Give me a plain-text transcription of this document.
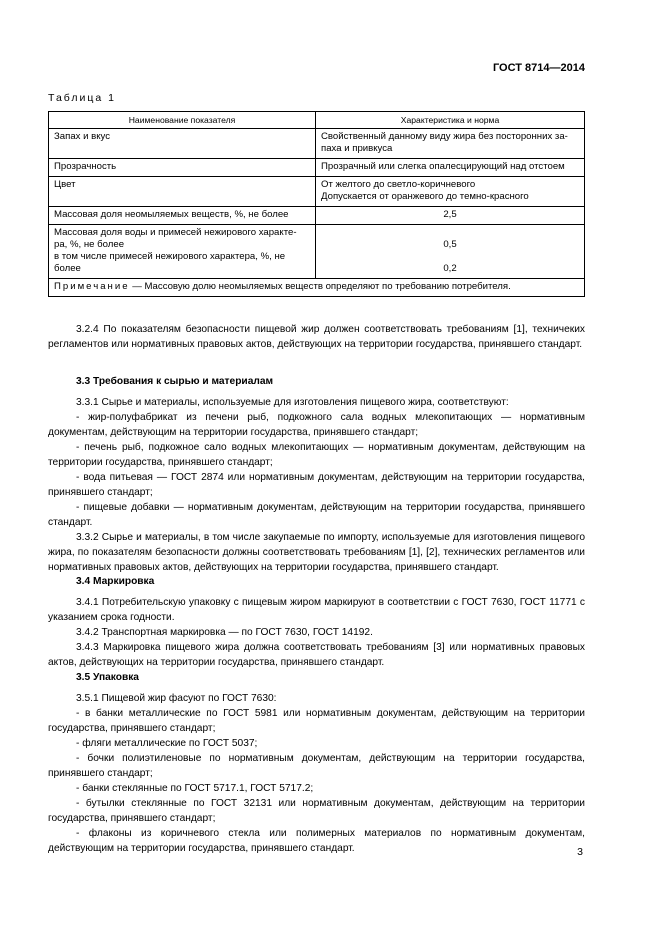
ГОСТ 8714—2014
Таблица 1
Наименование показателя	Характеристика и норма
Запах и вкус	Свойственный данному виду жира без посторонних за-
паха и привкуса
Прозрачность	Прозрачный или слегка опалесцирующий над отстоем
Цвет	От желтого до светло-коричневого
Допускается от оранжевого до темно-красного
Массовая доля неомыляемых веществ, %, не более	2,5
Массовая доля воды и примесей нежирового характе-
ра, %, не более
в том числе примесей нежирового характера, %, не
более	0,5

0,2
Примечание — Массовую долю неомыляемых веществ определяют по требованию потребителя.	

3.2.4 По показателям безопасности пищевой жир должен соответствовать требованиям [1], техничеких регламентов или нормативных правовых актов, действующих на территории государства, принявшего стандарт.

3.3 Требования к сырью и материалам

3.3.1 Сырье и материалы, используемые для изготовления пищевого жира, соответствуют:

- жир-полуфабрикат из печени рыб, подкожного сала водных млекопитающих — нормативным документам, действующим на территории государства, принявшего стандарт;

- печень рыб, подкожное сало водных млекопитающих — нормативным документам, действующим на территории государства, принявшего стандарт;

- вода питьевая — ГОСТ 2874 или нормативным документам, действующим на территории государства, принявшего стандарт;

- пищевые добавки — нормативным документам, действующим на территории государства, принявшего стандарт.

3.3.2 Сырье и материалы, в том числе закупаемые по импорту, используемые для изготовления пищевого жира, по показателям безопасности должны соответствовать требованиям [1], [2], технических регламентов или нормативных правовых актов, действующих на территории государства, принявшего стандарт.

3.4 Маркировка

3.4.1 Потребительскую упаковку с пищевым жиром маркируют в соответствии с ГОСТ 7630, ГОСТ 11771 с указанием срока годности.

3.4.2 Транспортная маркировка — по ГОСТ 7630, ГОСТ 14192.

3.4.3 Маркировка пищевого жира должна соответствовать требованиям [3] или нормативных правовых актов, действующих на территории государства, принявшего стандарт.

3.5 Упаковка

3.5.1 Пищевой жир фасуют по ГОСТ 7630:

- в банки металлические по ГОСТ 5981 или нормативным документам, действующим на территории государства, принявшего стандарт;

- фляги металлические по ГОСТ 5037;

- бочки полиэтиленовые по нормативным документам, действующим на территории государства, принявшего стандарт;

- банки стеклянные по ГОСТ 5717.1, ГОСТ 5717.2;

- бутылки стеклянные по ГОСТ 32131 или нормативным документам, действующим на территории государства, принявшего стандарт;

- флаконы из коричневого стекла или полимерных материалов по нормативным документам, действующим на территории государства, принявшего стандарт.	3
